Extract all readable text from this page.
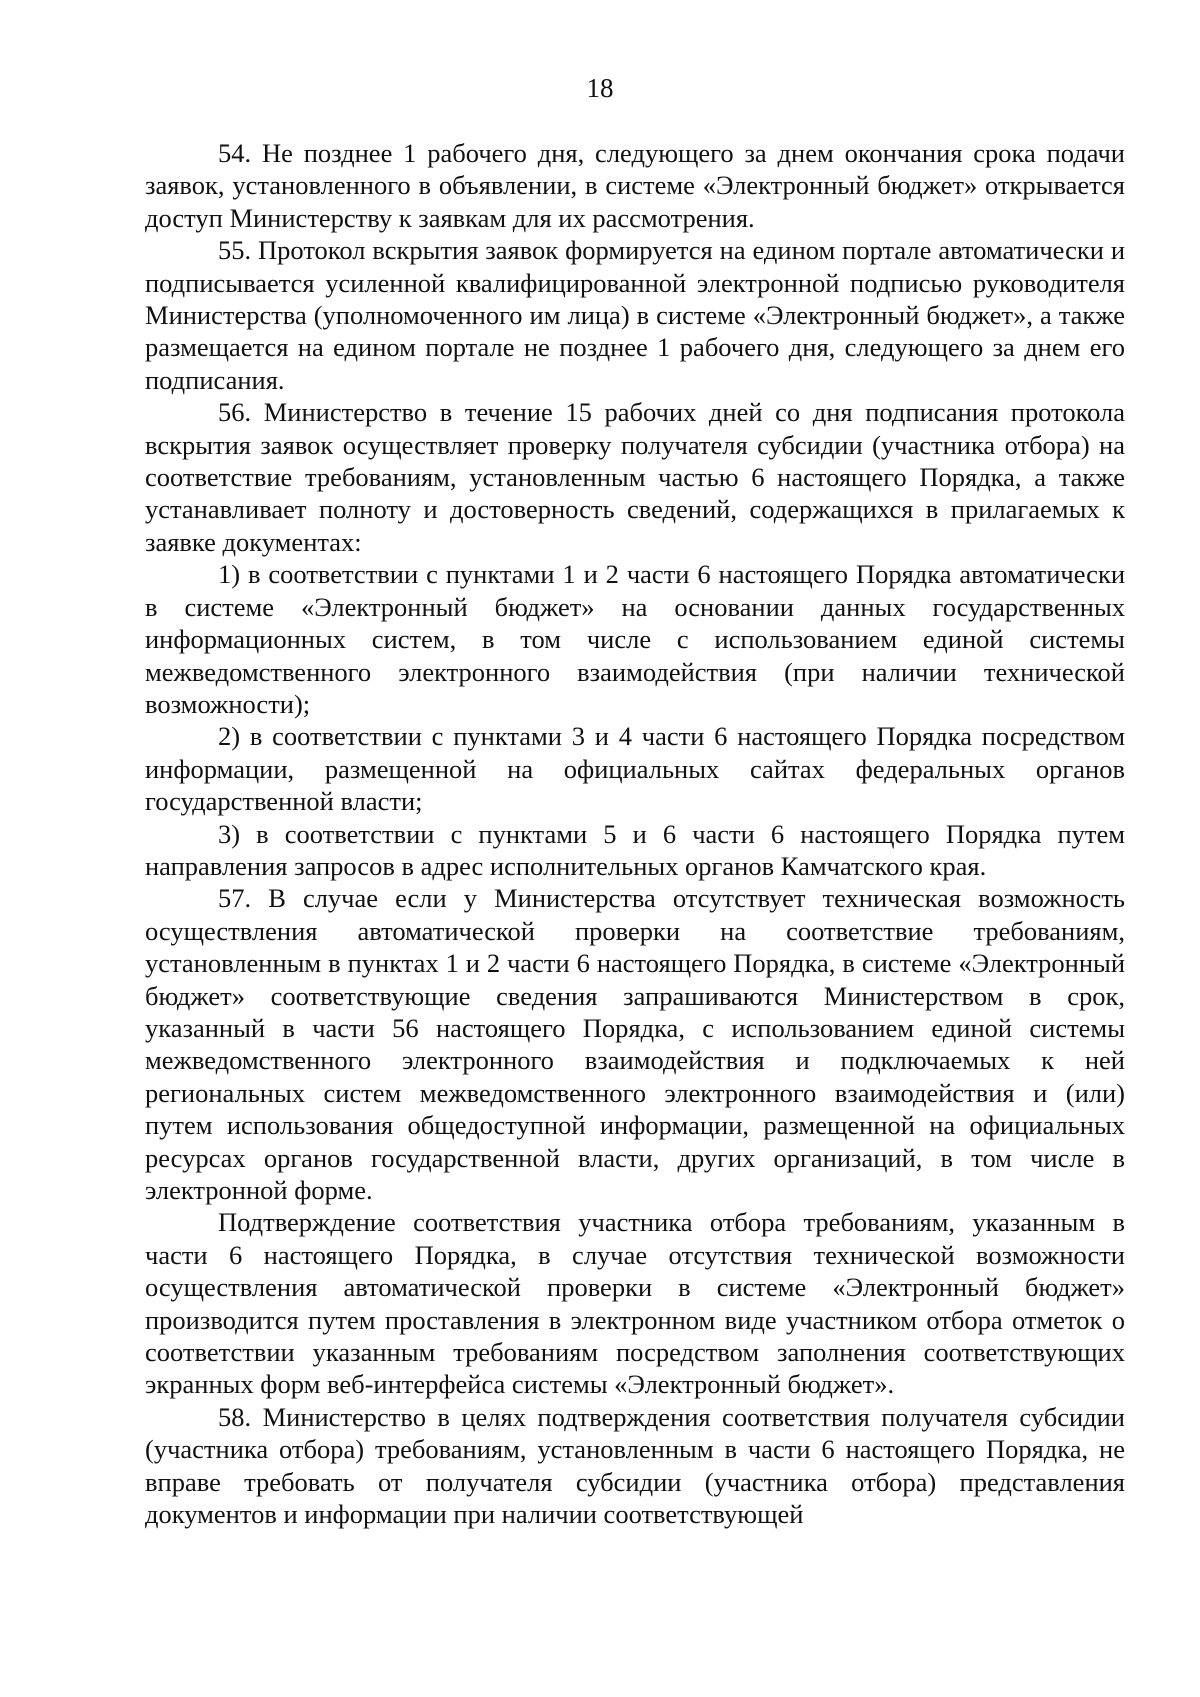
18

54. Не позднее 1 рабочего дня, следующего за днем окончания срока подачи заявок, установленного в объявлении, в системе «Электронный бюджет» открывается доступ Министерству к заявкам для их рассмотрения.

55. Протокол вскрытия заявок формируется на едином портале автоматически и подписывается усиленной квалифицированной электронной подписью руководителя Министерства (уполномоченного им лица) в системе «Электронный бюджет», а также размещается на едином портале не позднее 1 рабочего дня, следующего за днем его подписания.

56. Министерство в течение 15 рабочих дней со дня подписания протокола вскрытия заявок осуществляет проверку получателя субсидии (участника отбора) на соответствие требованиям, установленным частью 6 настоящего Порядка, а также устанавливает полноту и достоверность сведений, содержащихся в прилагаемых к заявке документах:

1) в соответствии с пунктами 1 и 2 части 6 настоящего Порядка автоматически в системе «Электронный бюджет» на основании данных государственных информационных систем, в том числе с использованием единой системы межведомственного электронного взаимодействия (при наличии технической возможности);

2) в соответствии с пунктами 3 и 4 части 6 настоящего Порядка посредством информации, размещенной на официальных сайтах федеральных органов государственной власти;

3) в соответствии с пунктами 5 и 6 части 6 настоящего Порядка путем направления запросов в адрес исполнительных органов Камчатского края.

57. В случае если у Министерства отсутствует техническая возможность осуществления автоматической проверки на соответствие требованиям, установленным в пунктах 1 и 2 части 6 настоящего Порядка, в системе «Электронный бюджет» соответствующие сведения запрашиваются Министерством в срок, указанный в части 56 настоящего Порядка, с использованием единой системы межведомственного электронного взаимодействия и подключаемых к ней региональных систем межведомственного электронного взаимодействия и (или) путем использования общедоступной информации, размещенной на официальных ресурсах органов государственной власти, других организаций, в том числе в электронной форме.

Подтверждение соответствия участника отбора требованиям, указанным в части 6 настоящего Порядка, в случае отсутствия технической возможности осуществления автоматической проверки в системе «Электронный бюджет» производится путем проставления в электронном виде участником отбора отметок о соответствии указанным требованиям посредством заполнения соответствующих экранных форм веб-интерфейса системы «Электронный бюджет».

58. Министерство в целях подтверждения соответствия получателя субсидии (участника отбора) требованиям, установленным в части 6 настоящего Порядка, не вправе требовать от получателя субсидии (участника отбора) представления документов и информации при наличии соответствующей
